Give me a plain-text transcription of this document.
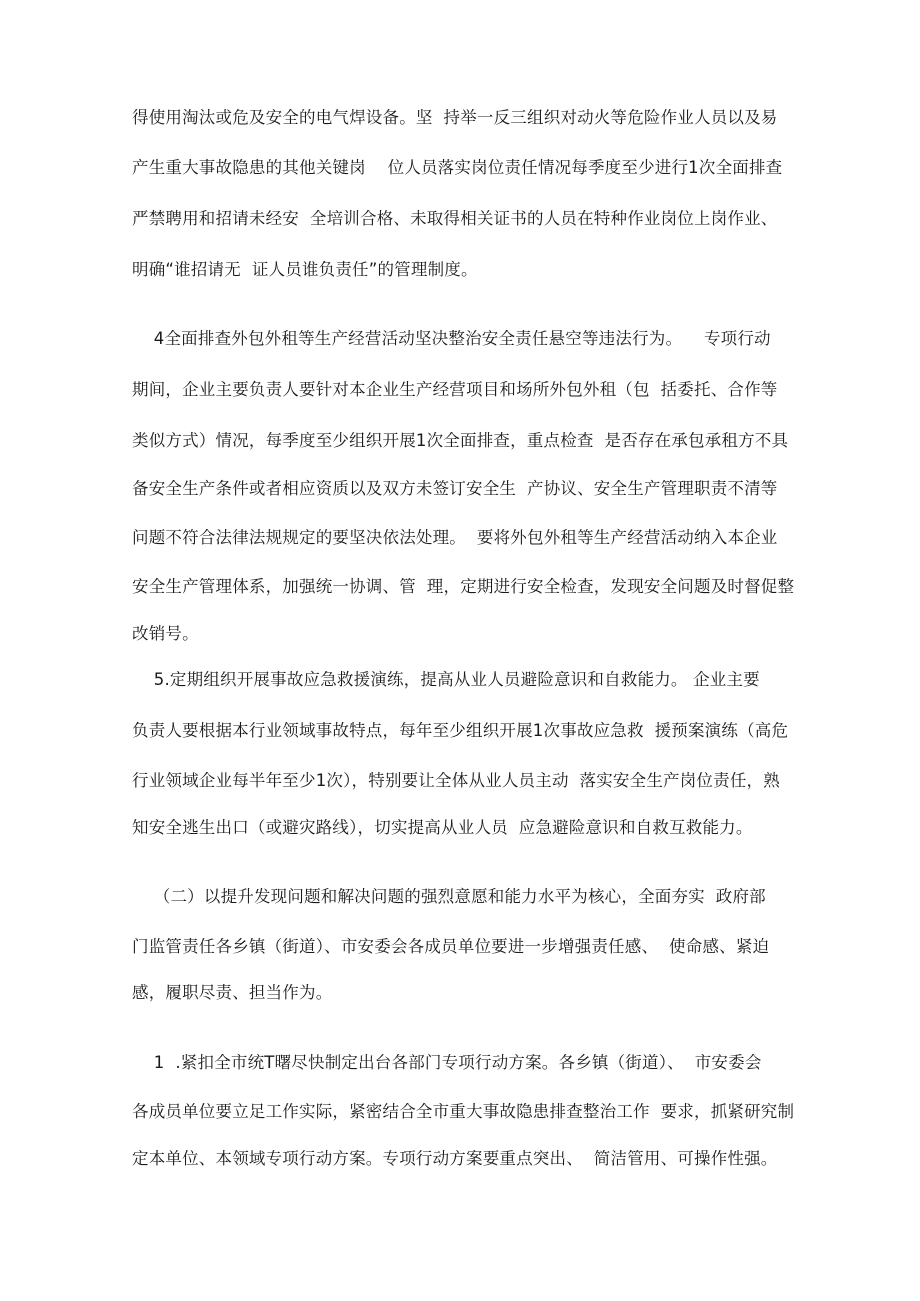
得使用淘汰或危及安全的电气焊设备。坚  持举一反三组织对动火等危险作业人员以及易
产生重大事故隐患的其他关键岗    位人员落实岗位责任情况每季度至少进行1次全面排查
严禁聘用和招请未经安  全培训合格、未取得相关证书的人员在特种作业岗位上岗作业、
明确“谁招请无  证人员谁负责任”的管理制度。
4全面排查外包外租等生产经营活动坚决整治安全责任悬空等违法行为。    专项行动
期间，企业主要负责人要针对本企业生产经营项目和场所外包外租（包  括委托、合作等
类似方式）情况，每季度至少组织开展1次全面排查，重点检查  是否存在承包承租方不具
备安全生产条件或者相应资质以及双方未签订安全生  产协议、安全生产管理职责不清等
问题不符合法律法规规定的要坚决依法处理。  要将外包外租等生产经营活动纳入本企业
安全生产管理体系，加强统一协调、管  理，定期进行安全检查，发现安全问题及时督促整
改销号。
5.定期组织开展事故应急救援演练，提高从业人员避险意识和自救能力。 企业主要
负责人要根据本行业领域事故特点，每年至少组织开展1次事故应急救  援预案演练（高危
行业领域企业每半年至少1次），特别要让全体从业人员主动  落实安全生产岗位责任，熟
知安全逃生出口（或避灾路线），切实提高从业人员  应急避险意识和自救互救能力。
（二）以提升发现问题和解决问题的强烈意愿和能力水平为核心，全面夯实  政府部
门监管责任各乡镇（街道）、市安委会各成员单位要进一步增强责任感、  使命感、紧迫
感，履职尽责、担当作为。
1  .紧扣全市统T曙尽快制定出台各部门专项行动方案。各乡镇（街道）、  市安委会
各成员单位要立足工作实际，紧密结合全市重大事故隐患排查整治工作  要求，抓紧研究制
定本单位、本领域专项行动方案。专项行动方案要重点突出、  简洁管用、可操作性强。
